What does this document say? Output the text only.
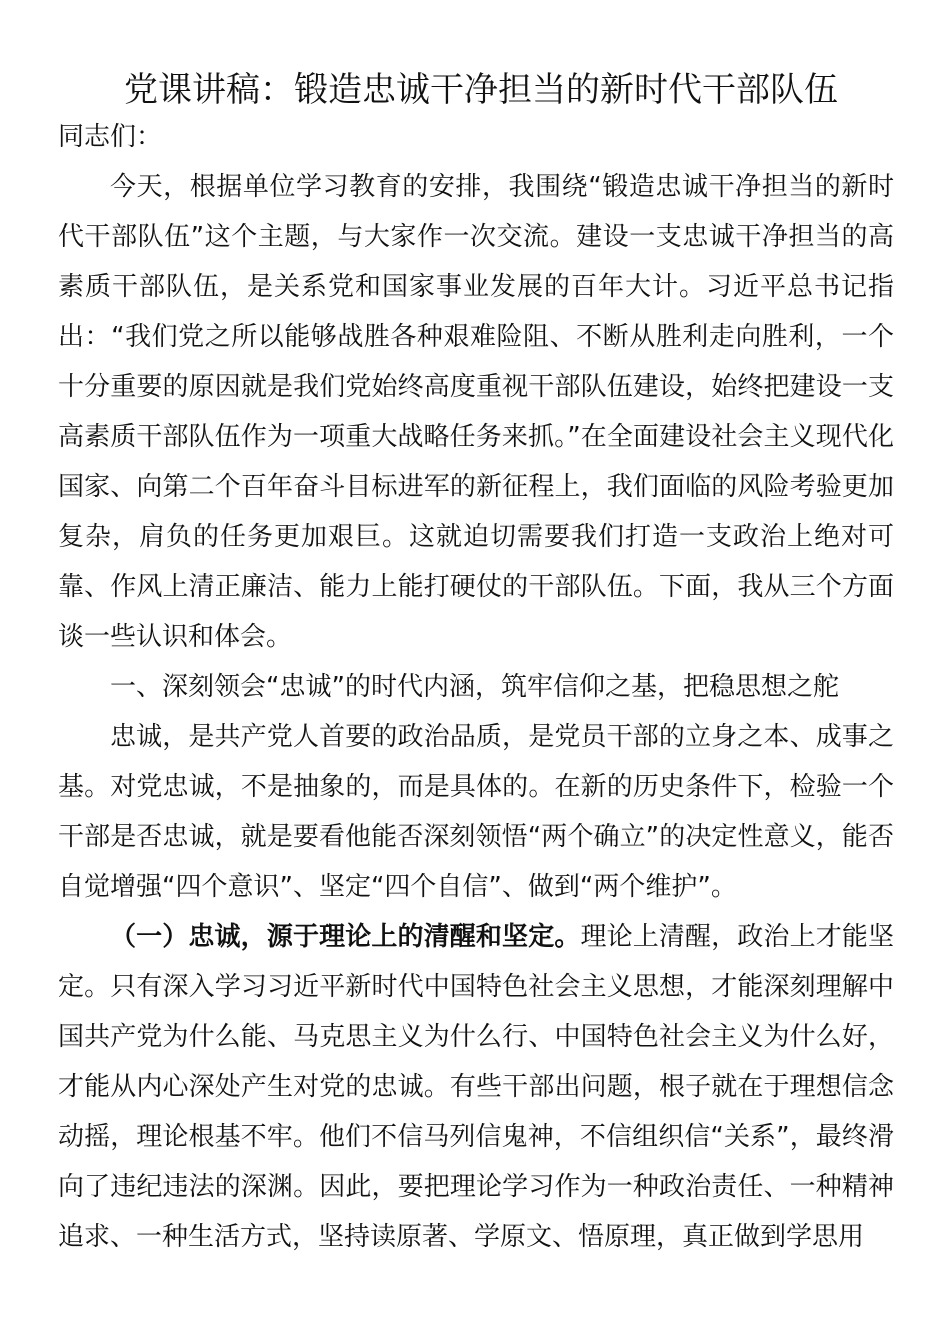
党课讲稿：锻造忠诚干净担当的新时代干部队伍

同志们：

今天，根据单位学习教育的安排，我围绕“锻造忠诚干净担当的新时代干部队伍”这个主题，与大家作一次交流。建设一支忠诚干净担当的高素质干部队伍，是关系党和国家事业发展的百年大计。习近平总书记指出：“我们党之所以能够战胜各种艰难险阻、不断从胜利走向胜利，一个十分重要的原因就是我们党始终高度重视干部队伍建设，始终把建设一支高素质干部队伍作为一项重大战略任务来抓。”在全面建设社会主义现代化国家、向第二个百年奋斗目标进军的新征程上，我们面临的风险考验更加复杂，肩负的任务更加艰巨。这就迫切需要我们打造一支政治上绝对可靠、作风上清正廉洁、能力上能打硬仗的干部队伍。下面，我从三个方面谈一些认识和体会。

一、深刻领会“忠诚”的时代内涵，筑牢信仰之基，把稳思想之舵

忠诚，是共产党人首要的政治品质，是党员干部的立身之本、成事之基。对党忠诚，不是抽象的，而是具体的。在新的历史条件下，检验一个干部是否忠诚，就是要看他能否深刻领悟“两个确立”的决定性意义，能否自觉增强“四个意识”、坚定“四个自信”、做到“两个维护”。

（一）忠诚，源于理论上的清醒和坚定。理论上清醒，政治上才能坚定。只有深入学习习近平新时代中国特色社会主义思想，才能深刻理解中国共产党为什么能、马克思主义为什么行、中国特色社会主义为什么好，才能从内心深处产生对党的忠诚。有些干部出问题，根子就在于理想信念动摇，理论根基不牢。他们不信马列信鬼神，不信组织信“关系”，最终滑向了违纪违法的深渊。因此，要把理论学习作为一种政治责任、一种精神追求、一种生活方式，坚持读原著、学原文、悟原理，真正做到学思用
